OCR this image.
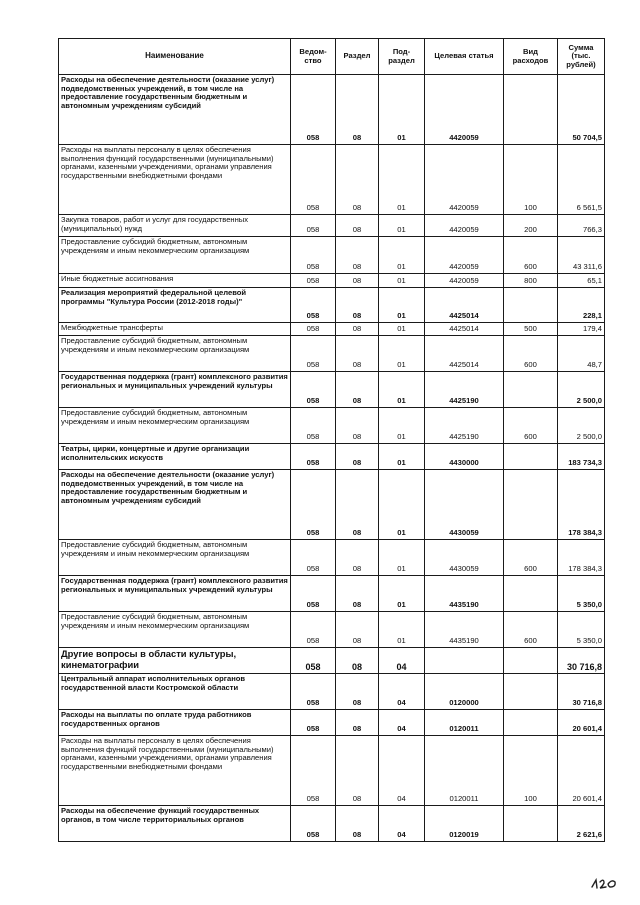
Наименование	Ведом-ство	Раздел	Под-раздел	Целевая статья	Вид расходов	Сумма (тыс. рублей)
Расходы на обеспечение деятельности (оказание услуг) подведомственных учреждений, в том числе на предоставление государственным бюджетным и автономным учреждениям субсидий	058	08	01	4420059		50 704,5
Расходы на выплаты персоналу в целях обеспечения выполнения функций государственными (муниципальными) органами, казенными учреждениями, органами управления государственными внебюджетными фондами	058	08	01	4420059	100	6 561,5
Закупка товаров, работ и услуг для государственных (муниципальных) нужд	058	08	01	4420059	200	766,3
Предоставление субсидий бюджетным, автономным учреждениям и иным некоммерческим организациям	058	08	01	4420059	600	43 311,6
Иные бюджетные ассигнования	058	08	01	4420059	800	65,1
Реализация мероприятий федеральной целевой программы "Культура России (2012-2018 годы)"	058	08	01	4425014		228,1
Межбюджетные трансферты	058	08	01	4425014	500	179,4
Предоставление субсидий бюджетным, автономным учреждениям и иным некоммерческим организациям	058	08	01	4425014	600	48,7
Государственная поддержка (грант) комплексного развития региональных и муниципальных учреждений культуры	058	08	01	4425190		2 500,0
Предоставление субсидий бюджетным, автономным учреждениям и иным некоммерческим организациям	058	08	01	4425190	600	2 500,0
Театры, цирки, концертные и другие организации исполнительских искусств	058	08	01	4430000		183 734,3
Расходы на обеспечение деятельности (оказание услуг) подведомственных учреждений, в том числе на предоставление государственным бюджетным и автономным учреждениям субсидий	058	08	01	4430059		178 384,3
Предоставление субсидий бюджетным, автономным учреждениям и иным некоммерческим организациям	058	08	01	4430059	600	178 384,3
Государственная поддержка (грант) комплексного развития региональных и муниципальных учреждений культуры	058	08	01	4435190		5 350,0
Предоставление субсидий бюджетным, автономным учреждениям и иным некоммерческим организациям	058	08	01	4435190	600	5 350,0
Другие вопросы в области культуры, кинематографии	058	08	04			30 716,8
Центральный аппарат исполнительных органов государственной власти Костромской области	058	08	04	0120000		30 716,8
Расходы на выплаты по оплате труда работников государственных органов	058	08	04	0120011		20 601,4
Расходы на выплаты персоналу в целях обеспечения выполнения функций государственными (муниципальными) органами, казенными учреждениями, органами управления государственными внебюджетными фондами	058	08	04	0120011	100	20 601,4
Расходы на обеспечение функций государственных органов, в том числе территориальных органов	058	08	04	0120019		2 621,6
